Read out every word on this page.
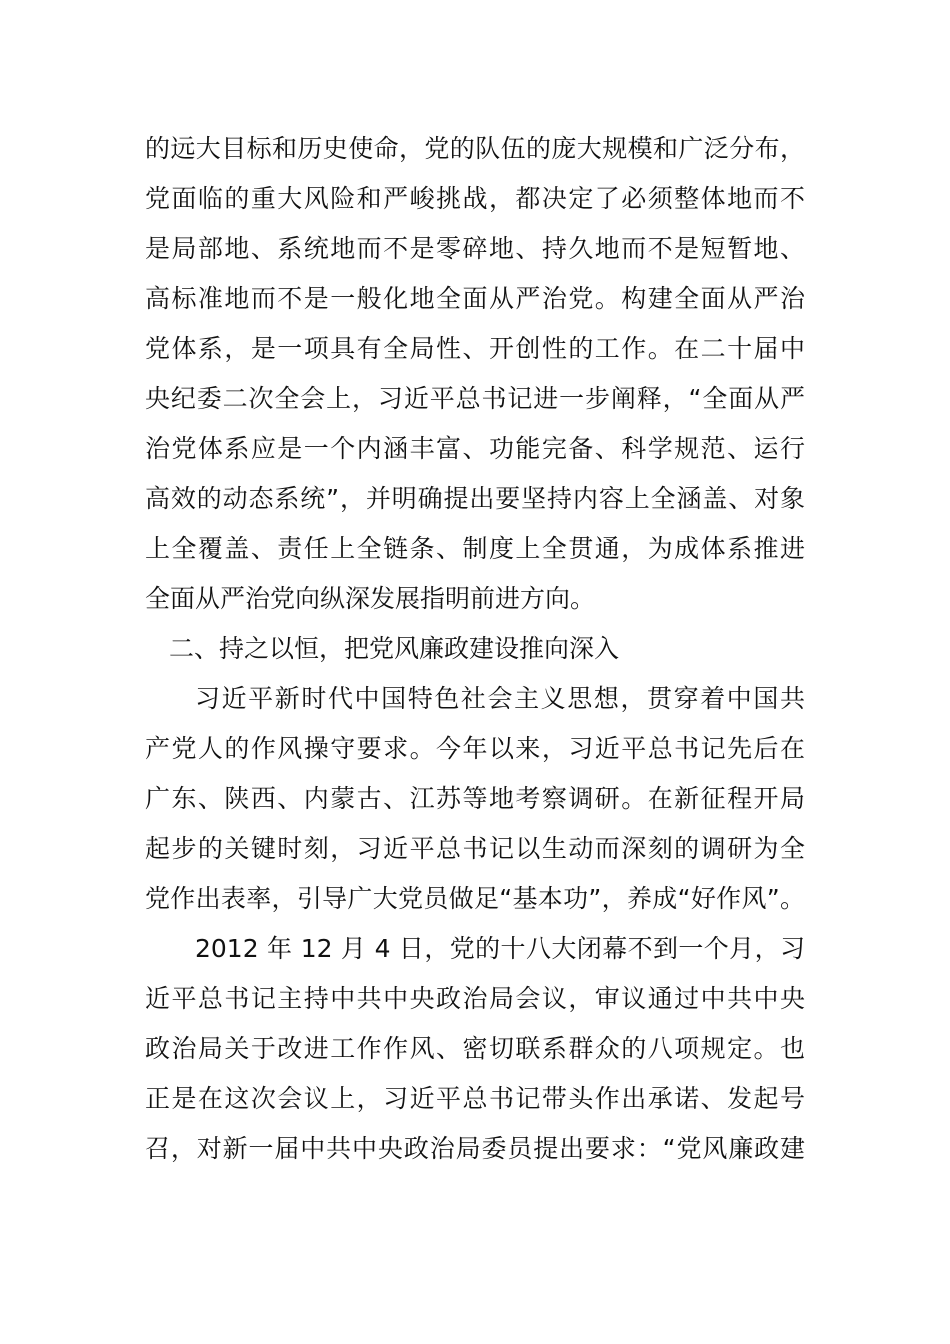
的远大目标和历史使命，党的队伍的庞大规模和广泛分布，
党面临的重大风险和严峻挑战，都决定了必须整体地而不
是局部地、系统地而不是零碎地、持久地而不是短暂地、
高标准地而不是一般化地全面从严治党。构建全面从严治
党体系，是一项具有全局性、开创性的工作。在二十届中
央纪委二次全会上，习近平总书记进一步阐释，“全面从严
治党体系应是一个内涵丰富、功能完备、科学规范、运行
高效的动态系统”，并明确提出要坚持内容上全涵盖、对象
上全覆盖、责任上全链条、制度上全贯通，为成体系推进
全面从严治党向纵深发展指明前进方向。
二、持之以恒，把党风廉政建设推向深入
习近平新时代中国特色社会主义思想，贯穿着中国共
产党人的作风操守要求。今年以来，习近平总书记先后在
广东、陕西、内蒙古、江苏等地考察调研。在新征程开局
起步的关键时刻，习近平总书记以生动而深刻的调研为全
党作出表率，引导广大党员做足“基本功”，养成“好作风”。
2012 年 12 月 4 日，党的十八大闭幕不到一个月，习
近平总书记主持中共中央政治局会议，审议通过中共中央
政治局关于改进工作作风、密切联系群众的八项规定。也
正是在这次会议上，习近平总书记带头作出承诺、发起号
召，对新一届中共中央政治局委员提出要求：“党风廉政建
